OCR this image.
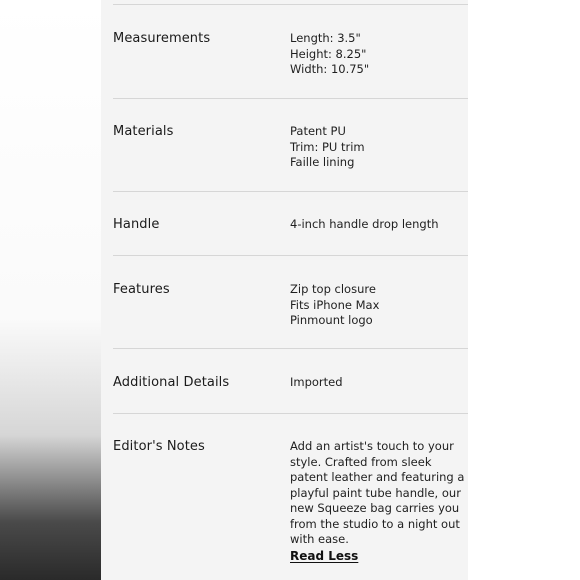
Measurements	Length: 3.5"
Height: 8.25"
Width: 10.75"
Materials	Patent PU
Trim: PU trim
Faille lining
Handle	4-inch handle drop length
Features	Zip top closure
Fits iPhone Max
Pinmount logo
Additional Details	Imported
Editor's Notes	Add an artist's touch to your style. Crafted from sleek patent leather and featuring a playful paint tube handle, our new Squeeze bag carries you from the studio to a night out with ease.
Read Less
